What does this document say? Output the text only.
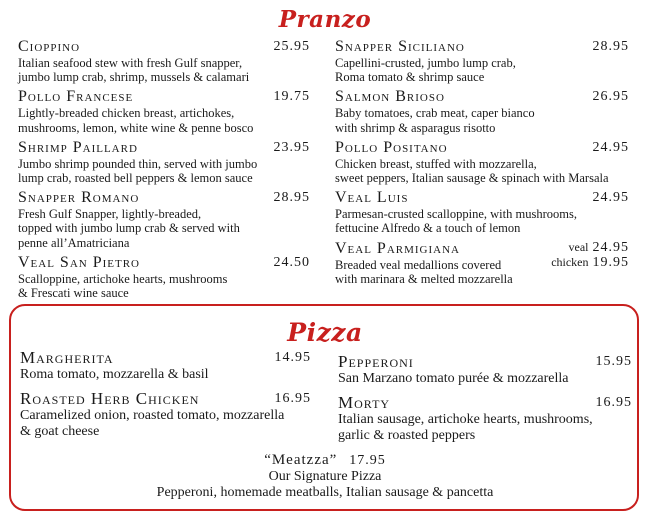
Pranzo
Cioppino	25.95
Italian seafood stew with fresh Gulf snapper,
jumbo lump crab, shrimp, mussels & calamari
Pollo Francese	19.75
Lightly-breaded chicken breast, artichokes,
mushrooms, lemon, white wine & penne bosco
Shrimp Paillard	23.95
Jumbo shrimp pounded thin, served with jumbo
lump crab, roasted bell peppers & lemon sauce
Snapper Romano	28.95
Fresh Gulf Snapper, lightly-breaded,
topped with jumbo lump crab & served with
penne all’Amatriciana
Veal San Pietro	24.50
Scalloppine, artichoke hearts, mushrooms
& Frescati wine sauce
Snapper Siciliano	28.95
Capellini-crusted, jumbo lump crab,
Roma tomato & shrimp sauce
Salmon Brioso	26.95
Baby tomatoes, crab meat, caper bianco
with shrimp & asparagus risotto
Pollo Positano	24.95
Chicken breast, stuffed with mozzarella,
sweet peppers, Italian sausage & spinach with Marsala
Veal Luis	24.95
Parmesan-crusted scalloppine, with mushrooms,
fettucine Alfredo & a touch of lemon
Veal Parmigiana	veal 24.95
chicken 19.95
Breaded veal medallions covered
with marinara & melted mozzarella
Pizza
Margherita	14.95
Roma tomato, mozzarella & basil
Roasted Herb Chicken	16.95
Caramelized onion, roasted tomato, mozzarella
& goat cheese
Pepperoni	15.95
San Marzano tomato purée & mozzarella
Morty	16.95
Italian sausage, artichoke hearts, mushrooms,
garlic & roasted peppers
“Meatzza” 17.95
Our Signature Pizza
Pepperoni, homemade meatballs, Italian sausage & pancetta
